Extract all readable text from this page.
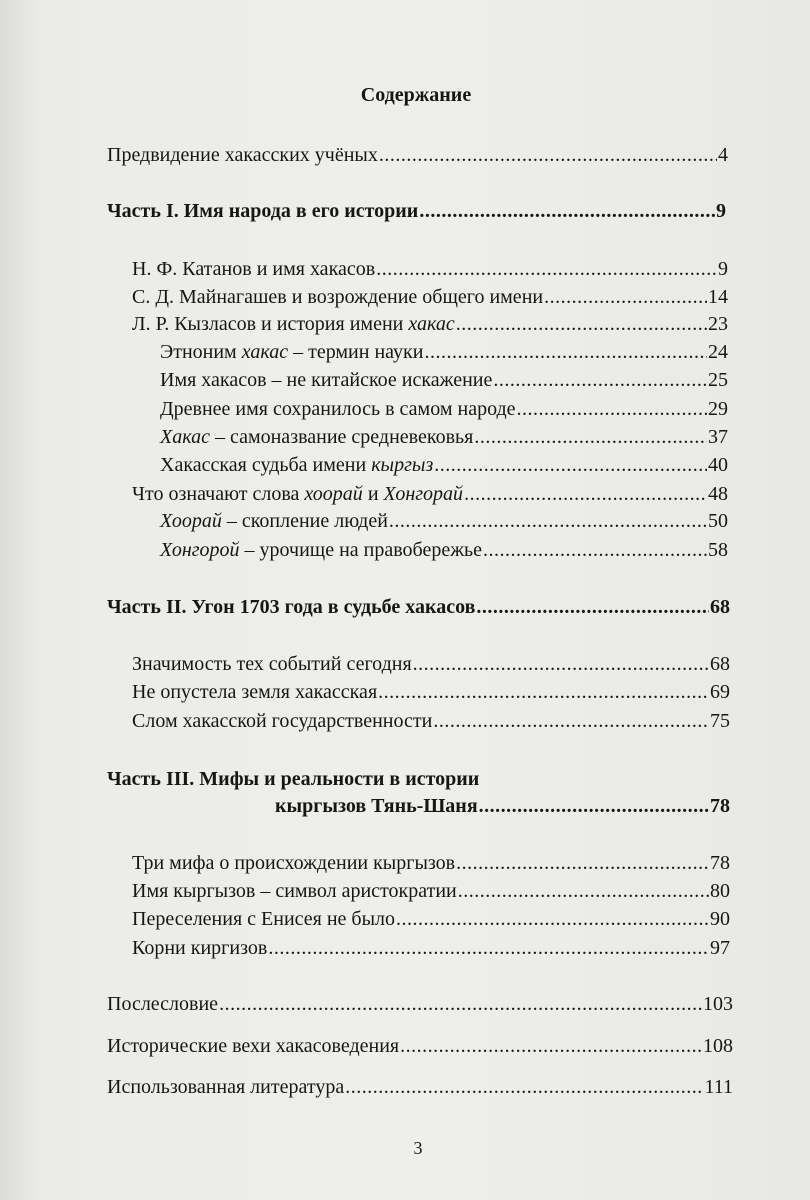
Содержание
Предвидение хакасских учёных .....	4
Часть I. Имя народа в его истории .....	9
Н. Ф. Катанов и имя хакасов .....	9
С. Д. Майнагашев и возрождение общего имени .....	14
Л. Р. Кызласов и история имени хакас .....	23
Этноним хакас – термин науки .....	24
Имя хакасов – не китайское искажение .....	25
Древнее имя сохранилось в самом народе .....	29
Хакас – самоназвание средневековья .....	37
Хакасская судьба имени кыргыз .....	40
Что означают слова хоорай и Хонгорай .....	48
Хоорай – скопление людей .....	50
Хонгорой – урочище на правобережье .....	58
Часть II. Угон 1703 года в судьбе хакасов .....	68
Значимость тех событий сегодня .....	68
Не опустела земля хакасская .....	69
Слом хакасской государственности .....	75
Часть III. Мифы и реальности в истории
кыргызов Тянь-Шаня .....	78
Три мифа о происхождении кыргызов .....	78
Имя кыргызов – символ аристократии .....	80
Переселения с Енисея не было .....	90
Корни киргизов .....	97
Послесловие .....	103
Исторические вехи хакасоведения .....	108
Использованная литература .....	111
3
